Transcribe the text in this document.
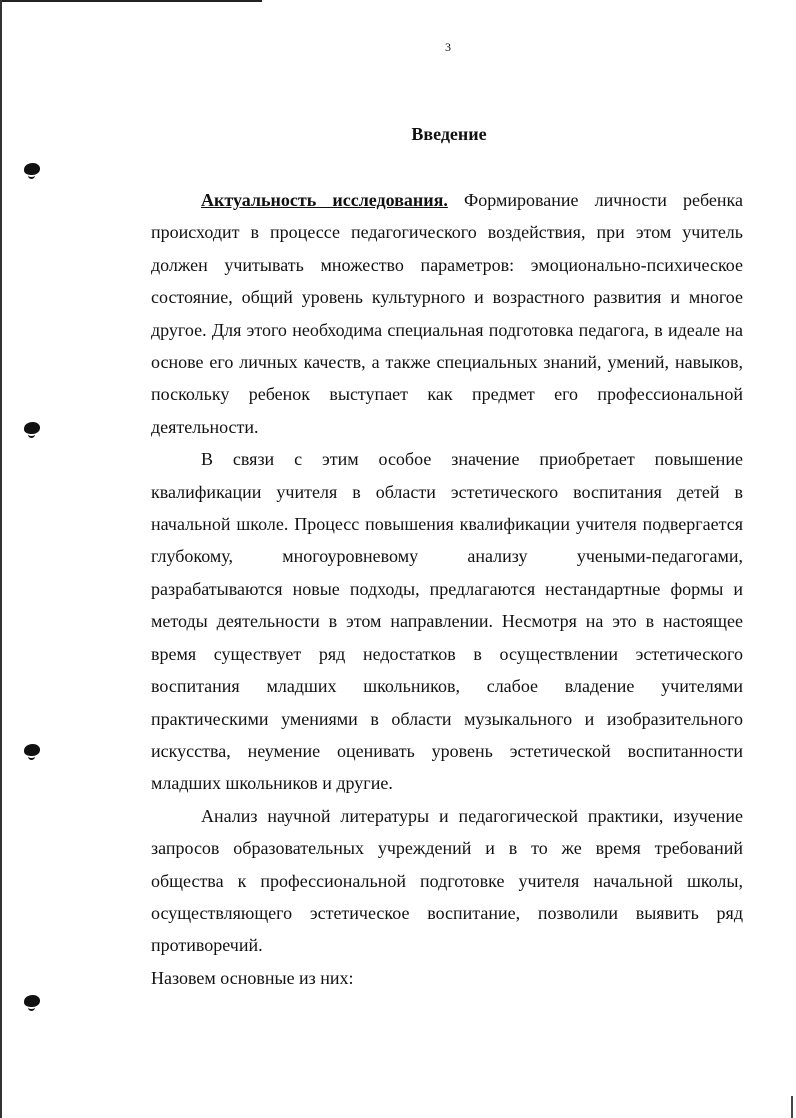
3
Введение

Актуальность исследования. Формирование личности ребенка происходит в процессе педагогического воздействия, при этом учитель должен учитывать множество параметров: эмоционально-психическое состояние, общий уровень культурного и возрастного развития и многое другое. Для этого необходима специальная подготовка педагога, в идеале на основе его личных качеств, а также специальных знаний, умений, навыков, поскольку ребенок выступает как предмет его профессиональной деятельности.

В связи с этим особое значение приобретает повышение квалификации учителя в области эстетического воспитания детей в начальной школе. Процесс повышения квалификации учителя подвергается глубокому, многоуровневому анализу учеными-педагогами, разрабатываются новые подходы, предлагаются нестандартные формы и методы деятельности в этом направлении. Несмотря на это в настоящее время существует ряд недостатков в осуществлении эстетического воспитания младших школьников, слабое владение учителями практическими умениями в области музыкального и изобразительного искусства, неумение оценивать уровень эстетической воспитанности младших школьников и другие.

Анализ научной литературы и педагогической практики, изучение запросов образовательных учреждений и в то же время требований общества к профессиональной подготовке учителя начальной школы, осуществляющего эстетическое воспитание, позволили выявить ряд противоречий.

Назовем основные из них:
